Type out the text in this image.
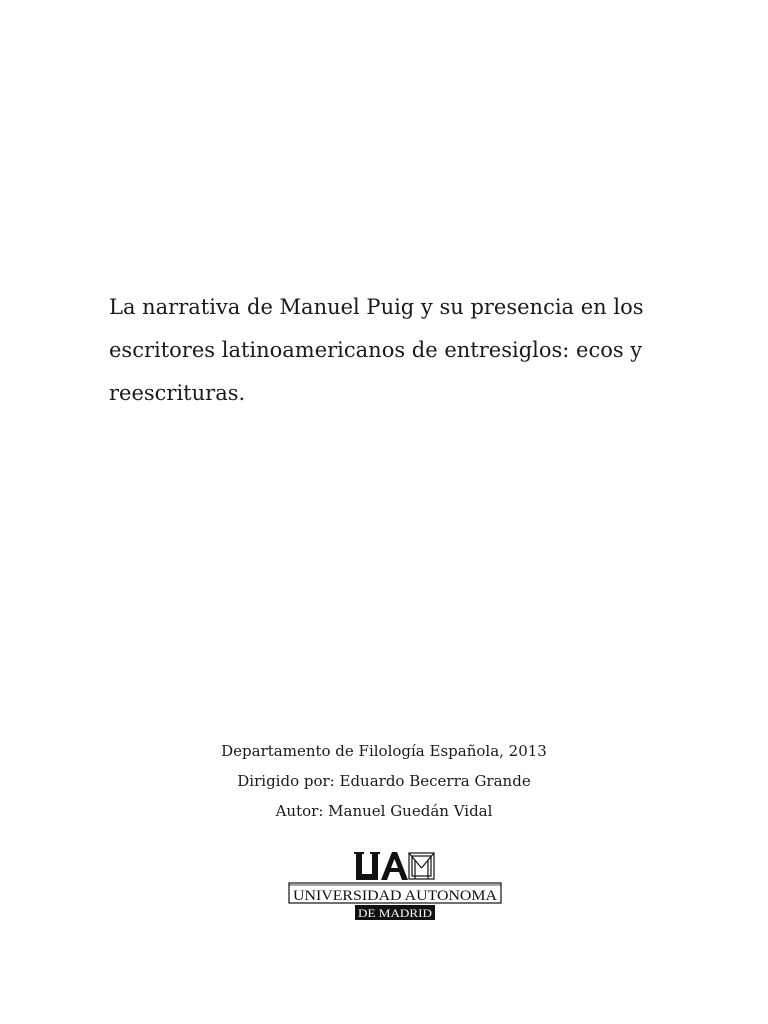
La narrativa de Manuel Puig y su presencia en los
escritores latinoamericanos de entresiglos: ecos y
reescrituras.
Departamento de Filología Española, 2013
Dirigido por: Eduardo Becerra Grande
Autor: Manuel Guedán Vidal
UNIVERSIDAD AUTONOMA
DE MADRID
